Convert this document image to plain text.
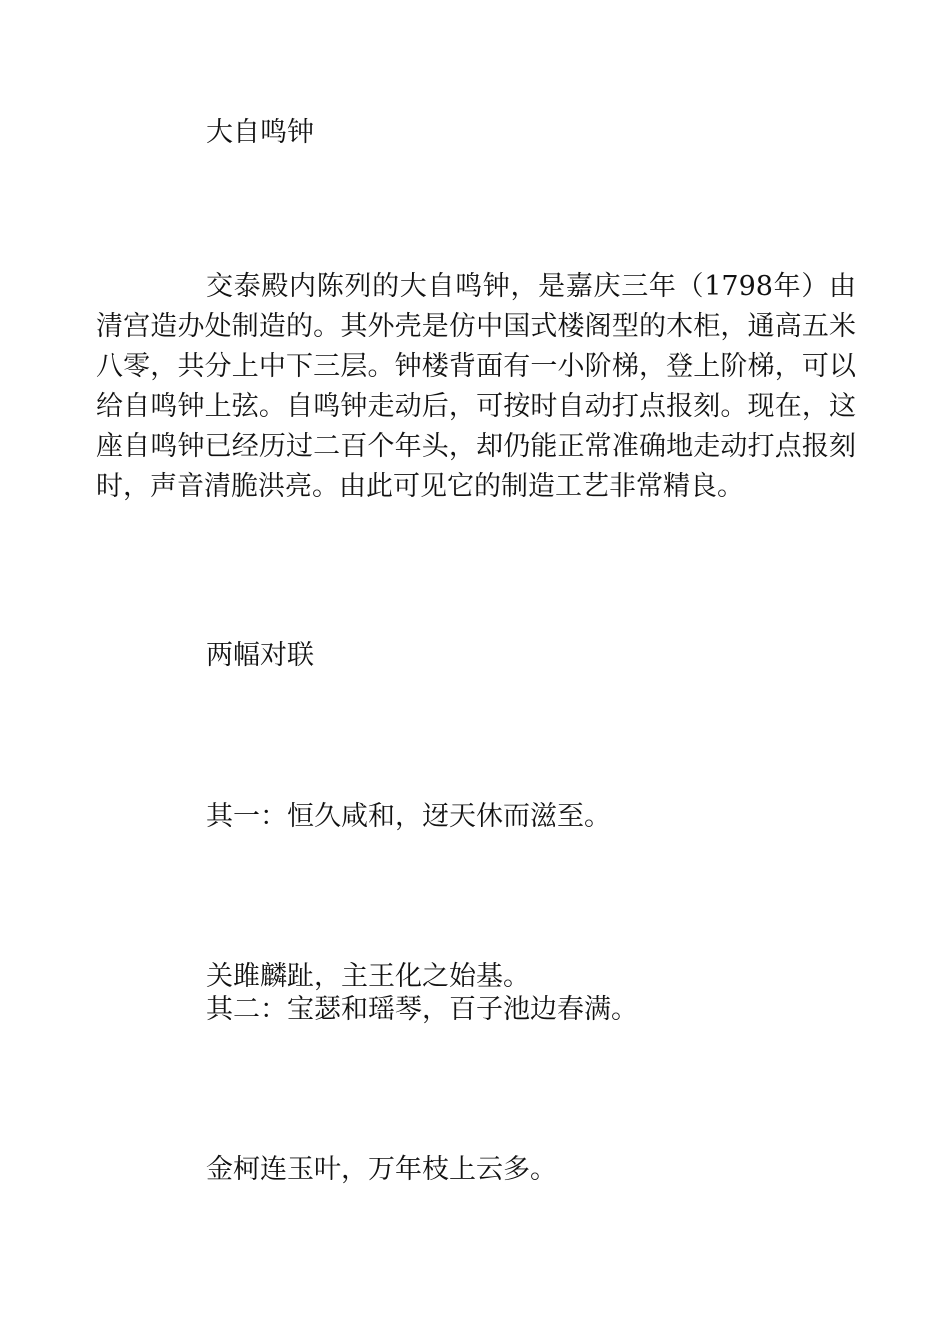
大自鸣钟
交泰殿内陈列的大自鸣钟，是嘉庆三年（1798年）由
清宫造办处制造的。其外壳是仿中国式楼阁型的木柜，通高五米
八零，共分上中下三层。钟楼背面有一小阶梯，登上阶梯，可以
给自鸣钟上弦。自鸣钟走动后，可按时自动打点报刻。现在，这
座自鸣钟已经历过二百个年头，却仍能正常准确地走动打点报刻
时，声音清脆洪亮。由此可见它的制造工艺非常精良。
两幅对联
其一：恒久咸和，迓天休而滋至。
关雎麟趾，主王化之始基。
其二：宝瑟和瑶琴，百子池边春满。
金柯连玉叶，万年枝上云多。
